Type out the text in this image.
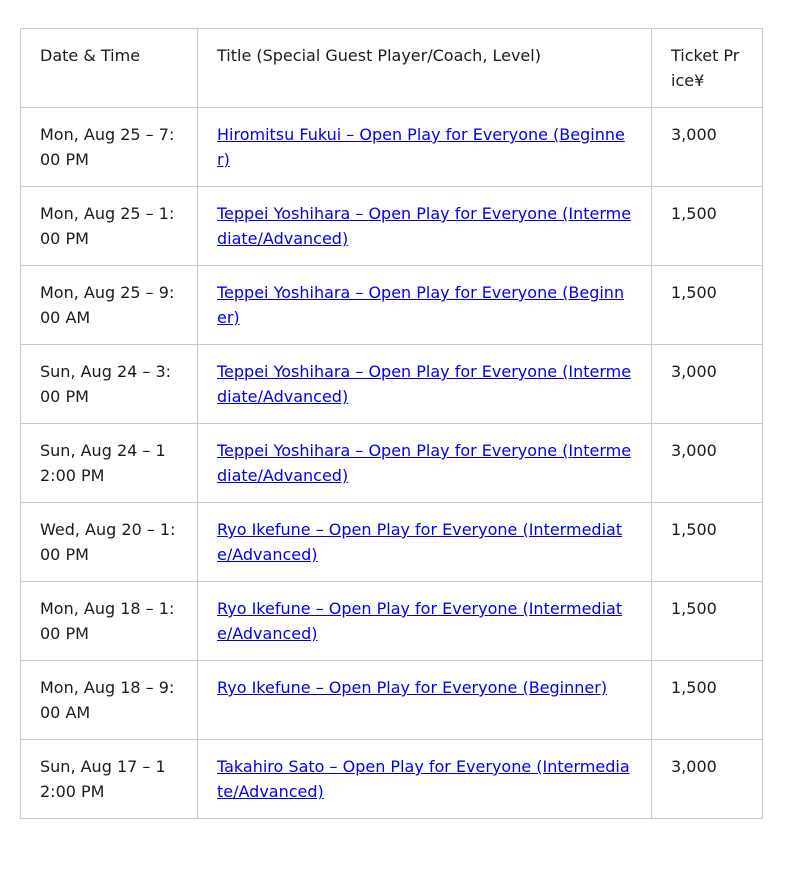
Date & Time	Title (Special Guest Player/Coach, Level)	Ticket Price¥
Mon, Aug 25 – 7:00 PM	Hiromitsu Fukui – Open Play for Everyone (Beginner)	3,000
Mon, Aug 25 – 1:00 PM	Teppei Yoshihara – Open Play for Everyone (Intermediate/Advanced)	1,500
Mon, Aug 25 – 9:00 AM	Teppei Yoshihara – Open Play for Everyone (Beginner)	1,500
Sun, Aug 24 – 3:00 PM	Teppei Yoshihara – Open Play for Everyone (Intermediate/Advanced)	3,000
Sun, Aug 24 – 12:00 PM	Teppei Yoshihara – Open Play for Everyone (Intermediate/Advanced)	3,000
Wed, Aug 20 – 1:00 PM	Ryo Ikefune – Open Play for Everyone (Intermediate/Advanced)	1,500
Mon, Aug 18 – 1:00 PM	Ryo Ikefune – Open Play for Everyone (Intermediate/Advanced)	1,500
Mon, Aug 18 – 9:00 AM	Ryo Ikefune – Open Play for Everyone (Beginner)	1,500
Sun, Aug 17 – 12:00 PM	Takahiro Sato – Open Play for Everyone (Intermediate/Advanced)	3,000
